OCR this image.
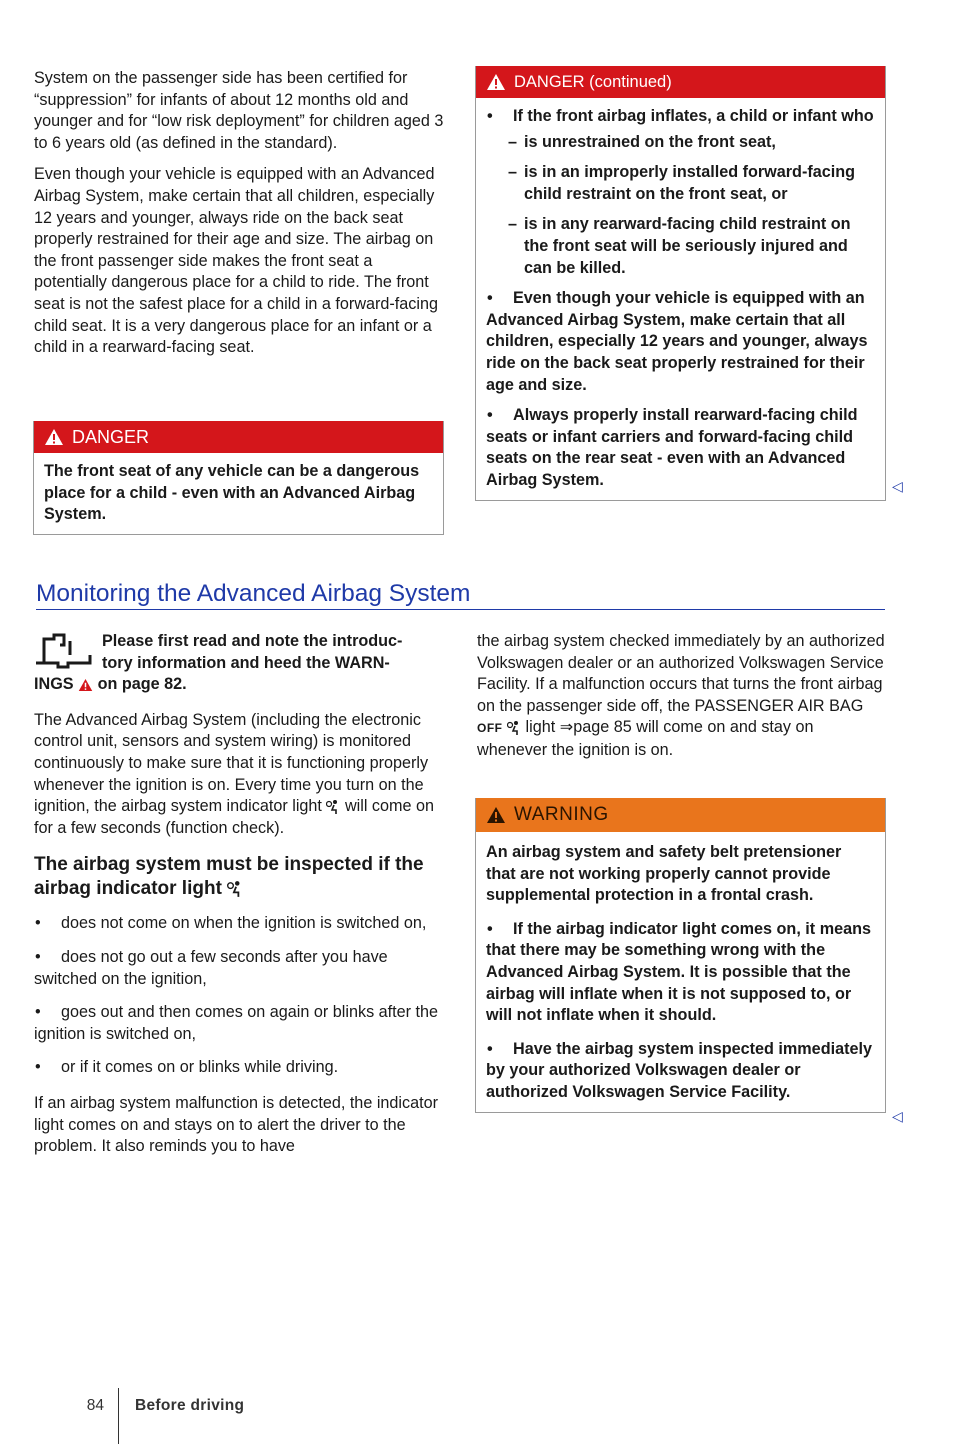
System on the passenger side has been certified for “suppression” for infants of about 12 months old and younger and for “low risk deployment” for children aged 3 to 6 years old (as defined in the standard).

Even though your vehicle is equipped with an Advanced Airbag System, make certain that all children, especially 12 years and younger, always ride on the back seat properly restrained for their age and size. The airbag on the front passenger side makes the front seat a potentially dangerous place for a child to ride. The front seat is not the safest place for a child in a forward-facing child seat. It is a very dangerous place for an infant or a child in a rearward-facing seat.

DANGER

The front seat of any vehicle can be a dangerous place for a child - even with an Advanced Airbag System.

DANGER (continued)
• If the front airbag inflates, a child or infant who
– is unrestrained on the front seat,
– is in an improperly installed forward-facing child restraint on the front seat, or
– is in any rearward-facing child restraint on the front seat will be seriously injured and can be killed.
• Even though your vehicle is equipped with an Advanced Airbag System, make certain that all children, especially 12 years and younger, always ride on the back seat properly restrained for their age and size.
• Always properly install rearward-facing child seats or infant carriers and forward-facing child seats on the rear seat - even with an Advanced Airbag System.	◁
Monitoring the Advanced Airbag System
Please first read and note the introduc-
tory information and heed the WARN-
INGS on page 82.

The Advanced Airbag System (including the electronic control unit, sensors and system wiring) is monitored continuously to make sure that it is functioning properly whenever the ignition is on. Every time you turn on the ignition, the airbag system indicator light will come on for a few seconds (function check).

The airbag system must be inspected if the airbag indicator light
• does not come on when the ignition is switched on,
• does not go out a few seconds after you have switched on the ignition,
• goes out and then comes on again or blinks after the ignition is switched on,
• or if it comes on or blinks while driving.

If an airbag system malfunction is detected, the indicator light comes on and stays on to alert the driver to the problem. It also reminds you to have

the airbag system checked immediately by an authorized Volkswagen dealer or an authorized Volkswagen Service Facility. If a malfunction occurs that turns the front airbag on the passenger side off, the PASSENGER AIR BAG OFF light ⇒page 85 will come on and stay on whenever the ignition is on.

WARNING

An airbag system and safety belt pretensioner that are not working properly cannot provide supplemental protection in a frontal crash.

• If the airbag indicator light comes on, it means that there may be something wrong with the Advanced Airbag System. It is possible that the airbag will inflate when it is not supposed to, or will not inflate when it should.
• Have the airbag system inspected immediately by your authorized Volkswagen dealer or authorized Volkswagen Service Facility.
◁
84 Before driving
